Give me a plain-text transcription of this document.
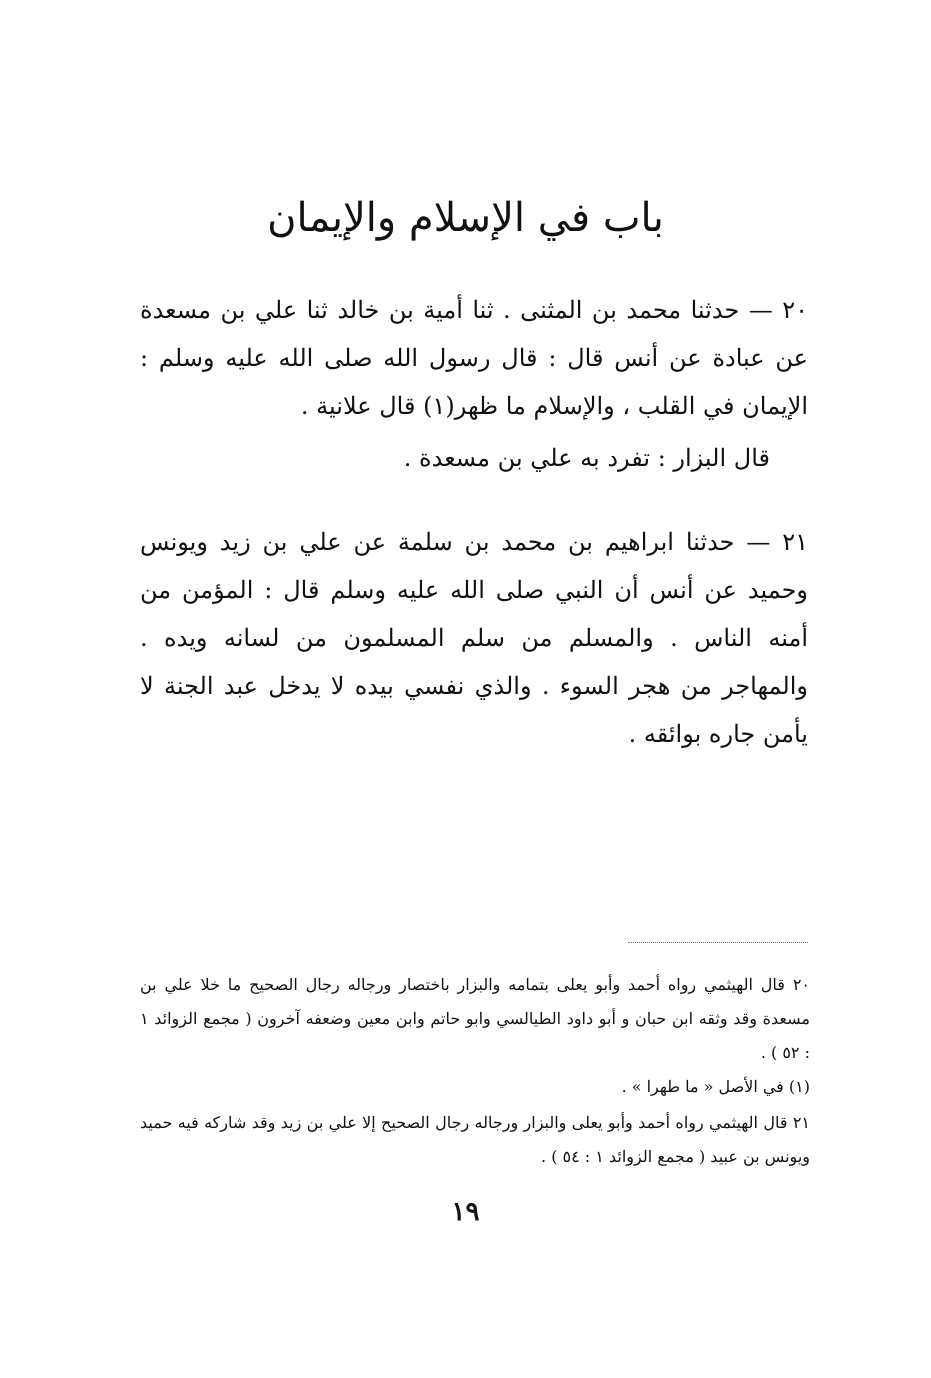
باب في الإسلام والإيمان
٢٠ — حدثنا محمد بن المثنى . ثنا أمية بن خالد ثنا علي بن مسعدة عن عبادة عن أنس قال : قال رسول الله صلى الله عليه وسلم : الإيمان في القلب ، والإسلام ما ظهر(١) قال علانية .
قال البزار : تفرد به علي بن مسعدة .
٢١ — حدثنا ابراهيم بن محمد بن سلمة عن علي بن زيد ويونس وحميد عن أنس أن النبي صلى الله عليه وسلم قال : المؤمن من أمنه الناس . والمسلم من سلم المسلمون من لسانه ويده . والمهاجر من هجر السوء . والذي نفسي بيده لا يدخل عبد الجنة لا يأمن جاره بوائقه .
٢٠ قال الهيثمي رواه أحمد وأبو يعلى بتمامه والبزار باختصار ورجاله رجال الصحيح ما خلا علي بن مسعدة وقد وثقه ابن حبان و أبو داود الطيالسي وابو حاتم وابن معين وضعفه آخرون ( مجمع الزوائد ١ : ٥٢ ) .
(١) في الأصل « ما طهرا » .
٢١ قال الهيثمي رواه أحمد وأبو يعلى والبزار ورجاله رجال الصحيح إلا علي بن زيد وقد شاركه فيه حميد ويونس بن عبيد ( مجمع الزوائد ١ : ٥٤ ) .
١٩
